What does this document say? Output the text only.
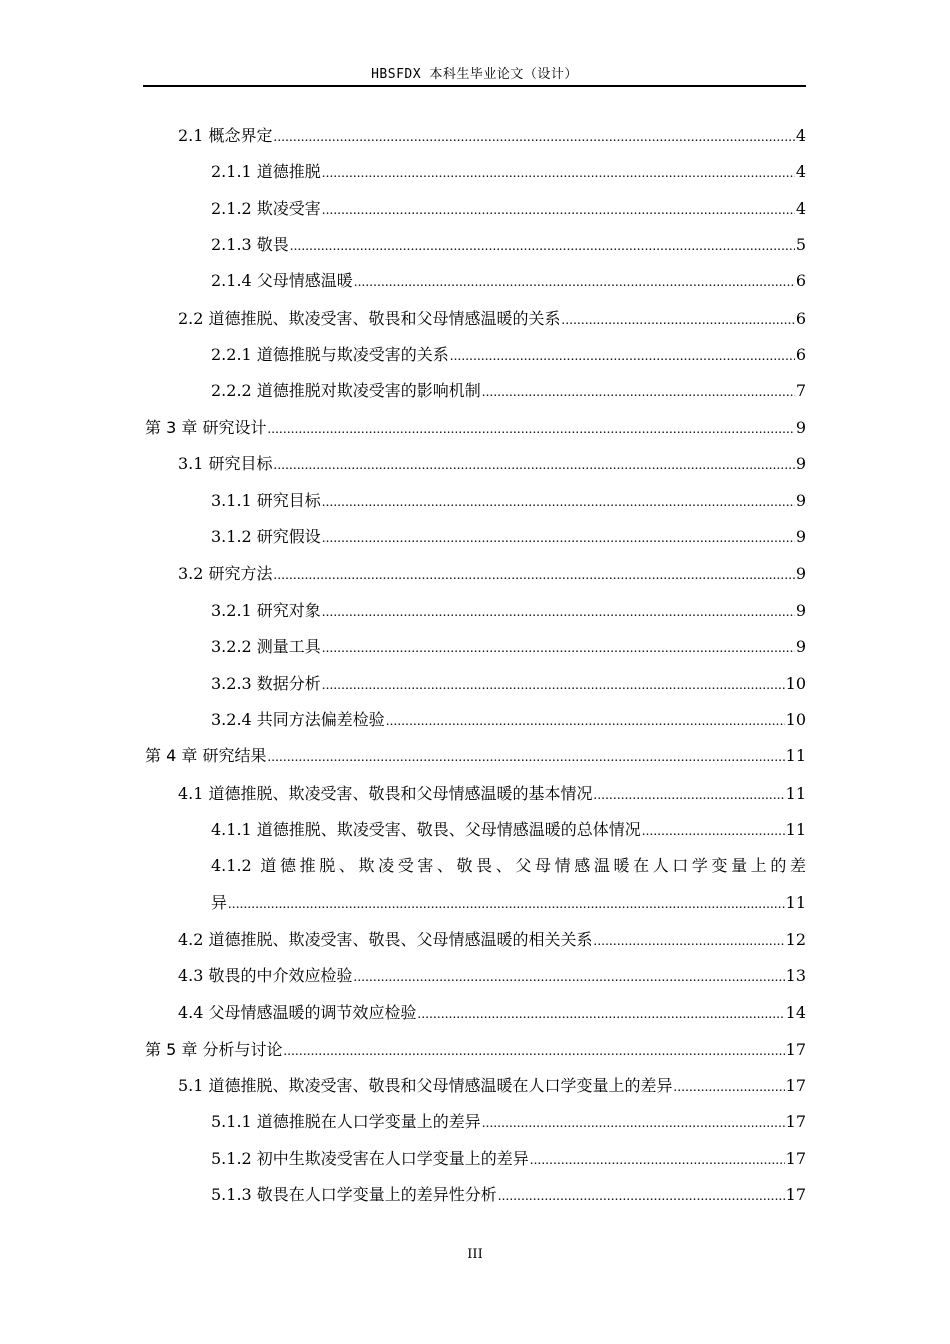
HBSFDX 本科生毕业论文（设计）
2.1 概念界定 .....	4
2.1.1 道德推脱 .....	4
2.1.2 欺凌受害 .....	4
2.1.3 敬畏 .....	5
2.1.4 父母情感温暖 .....	6
2.2 道德推脱、欺凌受害、敬畏和父母情感温暖的关系 .....	6
2.2.1 道德推脱与欺凌受害的关系 .....	6
2.2.2 道德推脱对欺凌受害的影响机制 .....	7
第 3 章 研究设计 .....	9
3.1 研究目标 .....	9
3.1.1 研究目标 .....	9
3.1.2 研究假设 .....	9
3.2 研究方法 .....	9
3.2.1 研究对象 .....	9
3.2.2 测量工具 .....	9
3.2.3 数据分析 .....	10
3.2.4 共同方法偏差检验 .....	10
第 4 章 研究结果 .....	11
4.1 道德推脱、欺凌受害、敬畏和父母情感温暖的基本情况 .....	11
4.1.1 道德推脱、欺凌受害、敬畏、父母情感温暖的总体情况 .....	11
4.1.2 道德推脱、欺凌受害、敬畏、父母情感温暖在人口学变量上的差
异 .....	11
4.2 道德推脱、欺凌受害、敬畏、父母情感温暖的相关关系 .....	12
4.3 敬畏的中介效应检验 .....	13
4.4 父母情感温暖的调节效应检验 .....	14
第 5 章 分析与讨论 .....	17
5.1 道德推脱、欺凌受害、敬畏和父母情感温暖在人口学变量上的差异 .....	17
5.1.1 道德推脱在人口学变量上的差异 .....	17
5.1.2 初中生欺凌受害在人口学变量上的差异 .....	17
5.1.3 敬畏在人口学变量上的差异性分析 .....	17
III
